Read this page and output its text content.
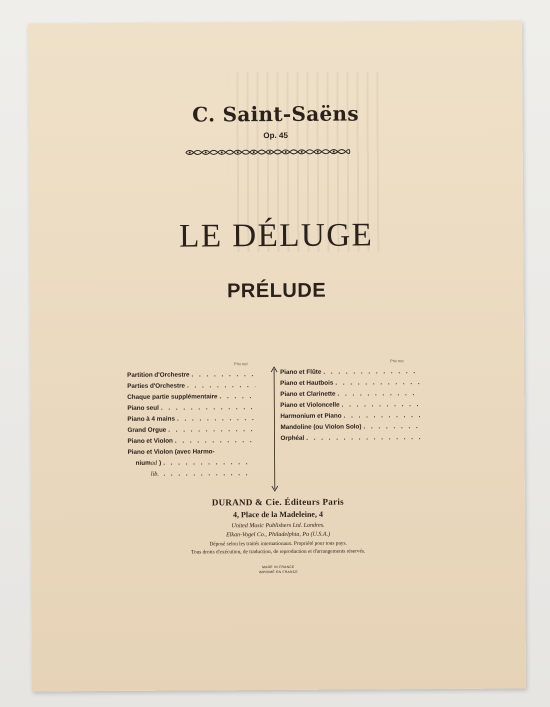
C. Saint-Saëns
Op. 45
LE DÉLUGE
PRÉLUDE
Prix net
Prix net
Partition d'Orchestre
. . .
Parties d'Orchestre
. . .
Chaque partie supplémentaire
. . .
Piano seul
. . .
Piano à 4 mains
. . .
Grand Orgue
. . .
Piano et Violon
. . .
Piano et Violon (avec Harmo-
nium ad lib.
)
. . .
Piano et Flûte
. . .
Piano et Hautbois
. . .
Piano et Clarinette
. . .
Piano et Violoncelle
. . .
Harmonium et Piano
. . .
Mandoline (ou Violon Solo)
. . .
Orphéal
. . .
DURAND & Cie. Éditeurs Paris
4, Place de la Madeleine, 4
United Music Publishers Ltd. Londres.
Elkan-Vogel Co., Philadelphia, Pa (U.S.A.)
Déposé selon les traités internationaux. Propriété pour tous pays.
Tous droits d'exécution, de traduction, de reproduction et d'arrangements réservés.
MADE IN FRANCE
IMPRIMÉ EN FRANCE
